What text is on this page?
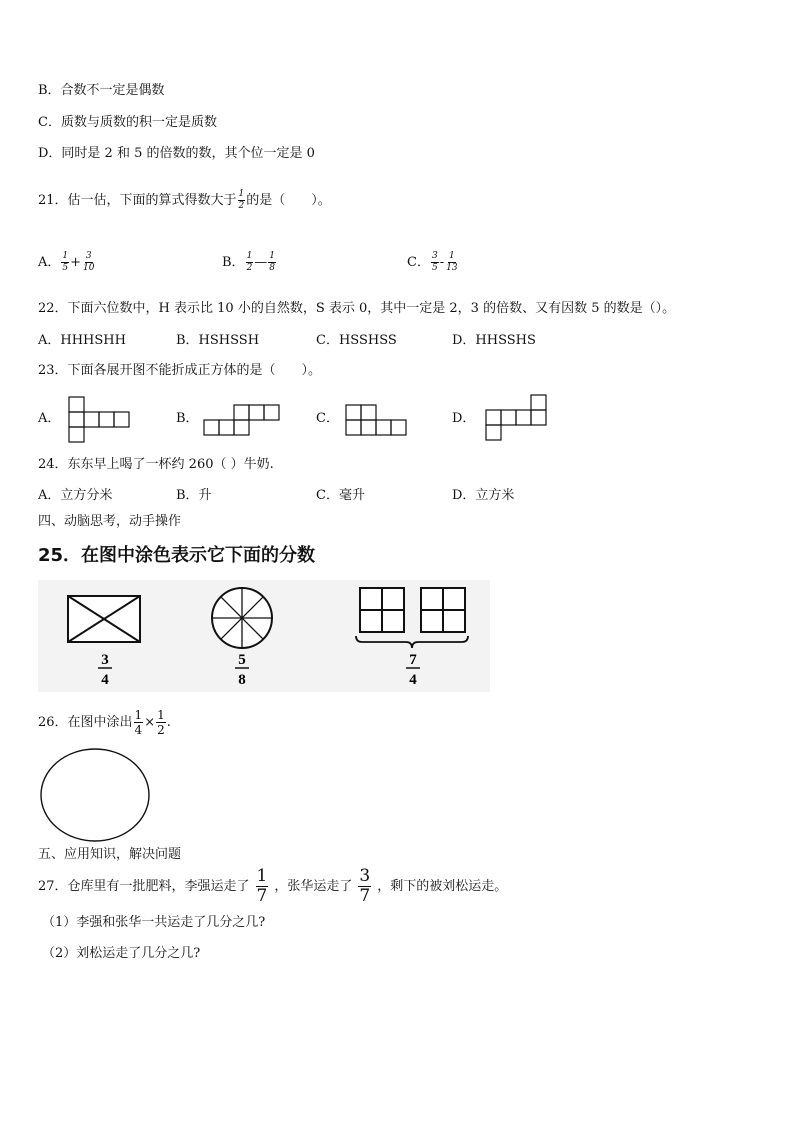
B．合数不一定是偶数
C．质数与质数的积一定是质数
D．同时是 2 和 5 的倍数的数，其个位一定是 0
21．估一估，下面的算式得数大于 $\frac{1}{2}$ 的是（　　）。
A． $\frac{1}{5} + \frac{3}{10}$	B． $\frac{1}{2}$ — $\frac{1}{8}$	C． $\frac{3}{5} - \frac{1}{13}$
22．下面六位数中，H 表示比 10 小的自然数，S 表示 0，其中一定是 2，3 的倍数、又有因数 5 的数是（）。
A．HHHSHH	B．HSHSSH	C．HSSHSS	D．HHSSHS
23．下面各展开图不能折成正方体的是（　　）。
A．	B．	C．	D．
24．东东早上喝了一杯约 260（ ）牛奶.
A．立方分米	B．升	C．毫升	D．立方米
四、动脑思考，动手操作
25．在图中涂色表示它下面的分数
3
4
5
8
7
4
26．在图中涂出 $\frac{1}{4} \times \frac{1}{2}$ .
五、应用知识，解决问题
27．仓库里有一批肥料，李强运走了 $\frac{1}{7}$ ，张华运走了 $\frac{3}{7}$ ，剩下的被刘松运走。
（1）李强和张华一共运走了几分之几?
（2）刘松运走了几分之几?
